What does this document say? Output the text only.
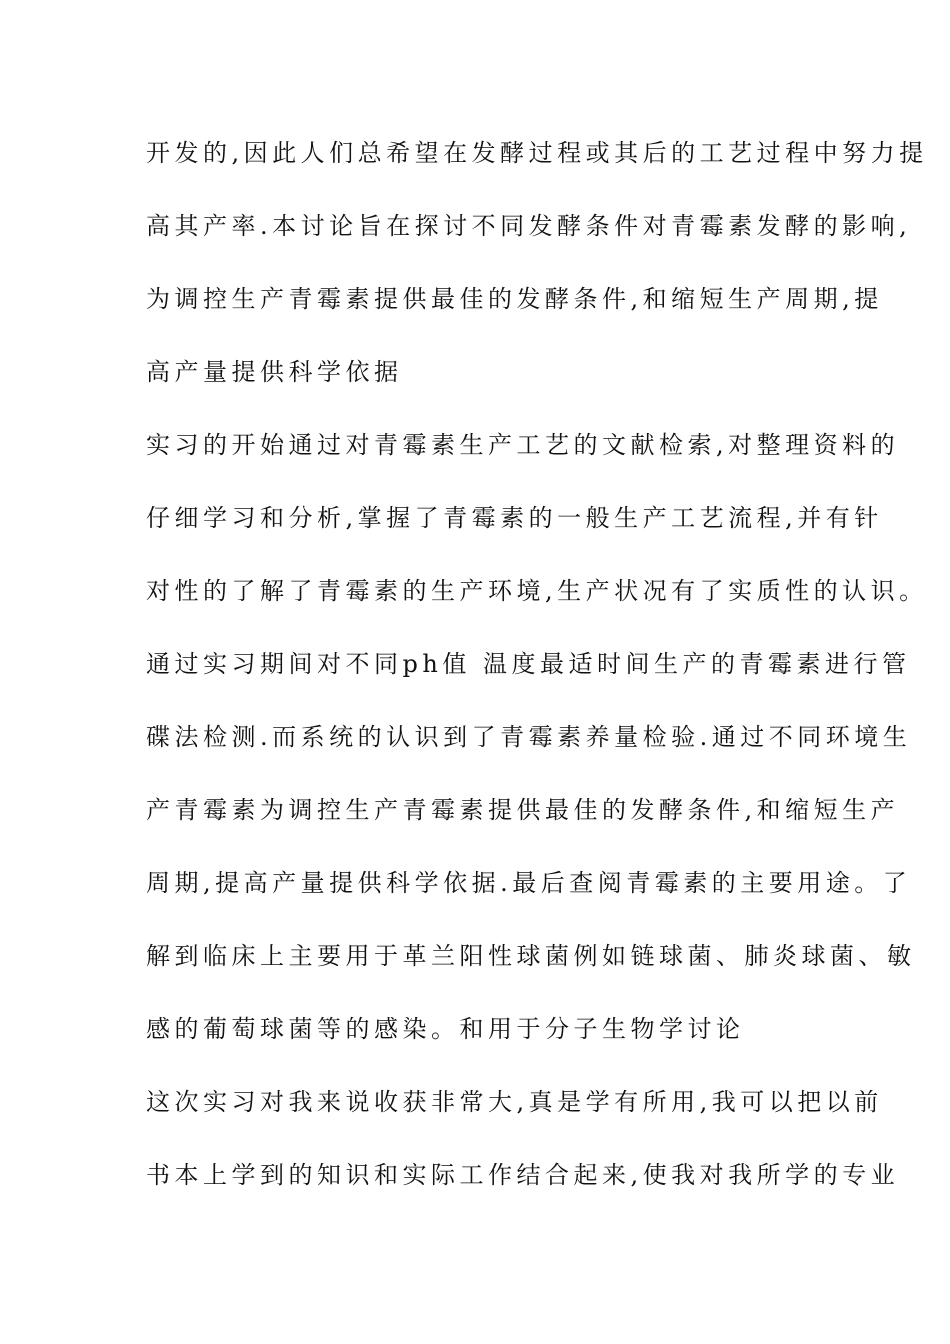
开发的,因此人们总希望在发酵过程或其后的工艺过程中努力提
高其产率.本讨论旨在探讨不同发酵条件对青霉素发酵的影响,
为调控生产青霉素提供最佳的发酵条件,和缩短生产周期,提
高产量提供科学依据
实习的开始通过对青霉素生产工艺的文献检索,对整理资料的
仔细学习和分析,掌握了青霉素的一般生产工艺流程,并有针
对性的了解了青霉素的生产环境,生产状况有了实质性的认识。
通过实习期间对不同ph值 温度最适时间生产的青霉素进行管
碟法检测.而系统的认识到了青霉素养量检验.通过不同环境生
产青霉素为调控生产青霉素提供最佳的发酵条件,和缩短生产
周期,提高产量提供科学依据.最后查阅青霉素的主要用途。了
解到临床上主要用于革兰阳性球菌例如链球菌、肺炎球菌、敏
感的葡萄球菌等的感染。和用于分子生物学讨论
这次实习对我来说收获非常大,真是学有所用,我可以把以前
书本上学到的知识和实际工作结合起来,使我对我所学的专业
